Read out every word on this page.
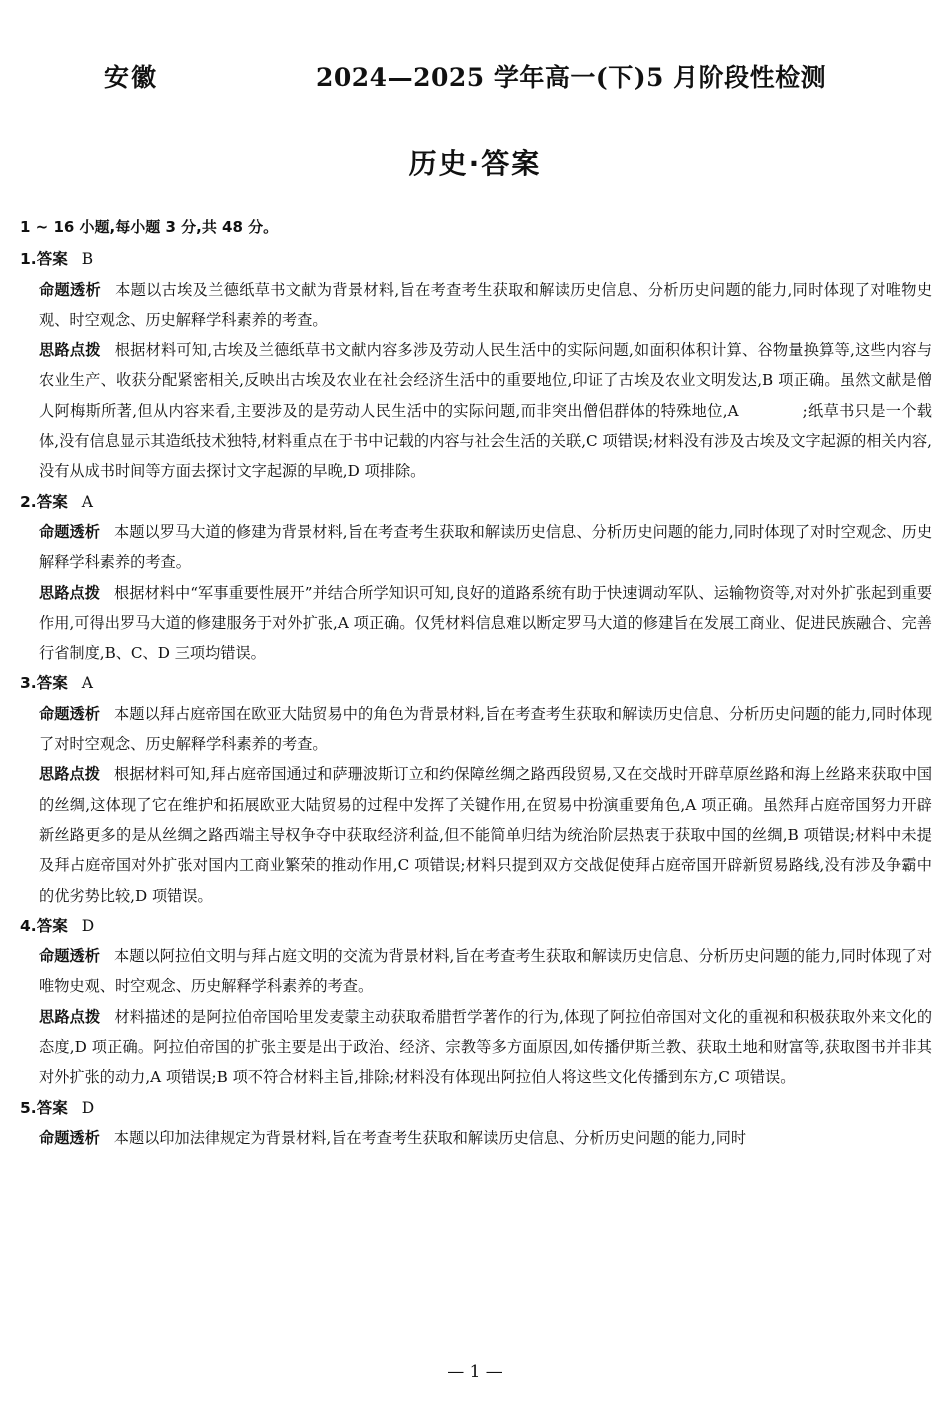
安徽	2024—2025 学年高一(下)5 月阶段性检测
历史·答案
1 ~ 16 小题,每小题 3 分,共 48 分。
1.答案 B
命题透析 本题以古埃及兰德纸草书文献为背景材料,旨在考查考生获取和解读历史信息、分析历史问题的能力,同时体现了对唯物史观、时空观念、历史解释学科素养的考查。
思路点拨 根据材料可知,古埃及兰德纸草书文献内容多涉及劳动人民生活中的实际问题,如面积体积计算、谷物量换算等,这些内容与农业生产、收获分配紧密相关,反映出古埃及农业在社会经济生活中的重要地位,印证了古埃及农业文明发达,B 项正确。虽然文献是僧人阿梅斯所著,但从内容来看,主要涉及的是劳动人民生活中的实际问题,而非突出僧侣群体的特殊地位,A	;纸草书只是一个载体,没有信息显示其造纸技术独特,材料重点在于书中记载的内容与社会生活的关联,C 项错误;材料没有涉及古埃及文字起源的相关内容,没有从成书时间等方面去探讨文字起源的早晚,D 项排除。
2.答案 A
命题透析 本题以罗马大道的修建为背景材料,旨在考查考生获取和解读历史信息、分析历史问题的能力,同时体现了对时空观念、历史解释学科素养的考查。
思路点拨 根据材料中“军事重要性展开”并结合所学知识可知,良好的道路系统有助于快速调动军队、运输物资等,对对外扩张起到重要作用,可得出罗马大道的修建服务于对外扩张,A 项正确。仅凭材料信息难以断定罗马大道的修建旨在发展工商业、促进民族融合、完善行省制度,B、C、D 三项均错误。
3.答案 A
命题透析 本题以拜占庭帝国在欧亚大陆贸易中的角色为背景材料,旨在考查考生获取和解读历史信息、分析历史问题的能力,同时体现了对时空观念、历史解释学科素养的考查。
思路点拨 根据材料可知,拜占庭帝国通过和萨珊波斯订立和约保障丝绸之路西段贸易,又在交战时开辟草原丝路和海上丝路来获取中国的丝绸,这体现了它在维护和拓展欧亚大陆贸易的过程中发挥了关键作用,在贸易中扮演重要角色,A 项正确。虽然拜占庭帝国努力开辟新丝路更多的是从丝绸之路西端主导权争夺中获取经济利益,但不能简单归结为统治阶层热衷于获取中国的丝绸,B 项错误;材料中未提及拜占庭帝国对外扩张对国内工商业繁荣的推动作用,C 项错误;材料只提到双方交战促使拜占庭帝国开辟新贸易路线,没有涉及争霸中的优劣势比较,D 项错误。
4.答案 D
命题透析 本题以阿拉伯文明与拜占庭文明的交流为背景材料,旨在考查考生获取和解读历史信息、分析历史问题的能力,同时体现了对唯物史观、时空观念、历史解释学科素养的考查。
思路点拨 材料描述的是阿拉伯帝国哈里发麦蒙主动获取希腊哲学著作的行为,体现了阿拉伯帝国对文化的重视和积极获取外来文化的态度,D 项正确。阿拉伯帝国的扩张主要是出于政治、经济、宗教等多方面原因,如传播伊斯兰教、获取土地和财富等,获取图书并非其对外扩张的动力,A 项错误;B 项不符合材料主旨,排除;材料没有体现出阿拉伯人将这些文化传播到东方,C 项错误。
5.答案 D
命题透析 本题以印加法律规定为背景材料,旨在考查考生获取和解读历史信息、分析历史问题的能力,同时
— 1 —
